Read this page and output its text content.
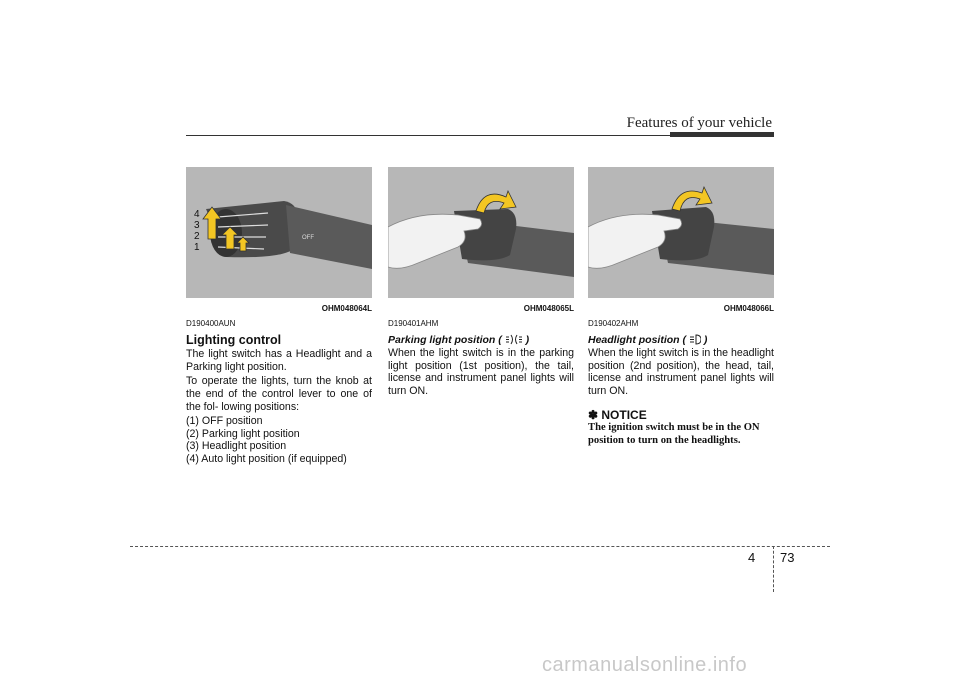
Features of your vehicle
OFF
4
3
2
1
OHM048064L	OHM048065L	OHM048066L
D190400AUN
Lighting control

The light switch has a Headlight and a Parking light position.

To operate the lights, turn the knob at the end of the control lever to one of the fol- lowing positions:

(1) OFF position
(2) Parking light position
(3) Headlight position
(4) Auto light position (if equipped)
D190401AHM
Parking light position ( )

When the light switch is in the parking light position (1st position), the tail, license and instrument panel lights will turn ON.

D190402AHM
Headlight position ( )

When the light switch is in the headlight position (2nd position), the head, tail, license and instrument panel lights will turn ON.

✽ NOTICE
The ignition switch must be in the ON position to turn on the headlights.
4 73
carmanualsonline.info
